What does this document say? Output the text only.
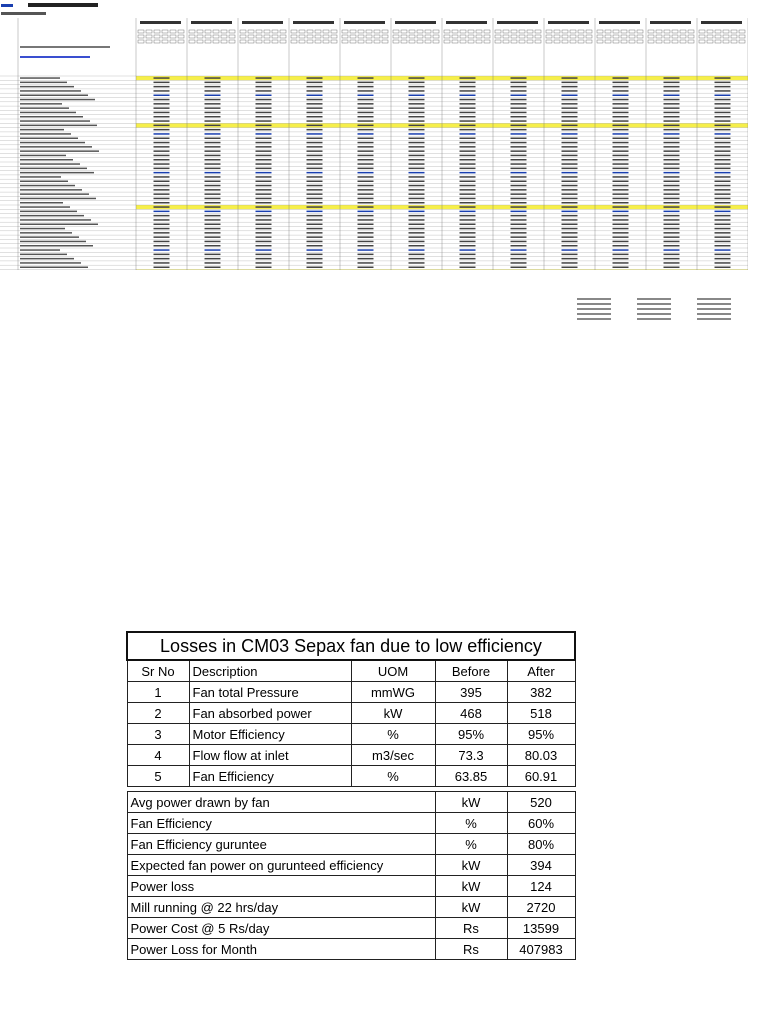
Losses in CM03 Sepax fan due to low efficiency				
Sr No	Description	UOM	Before	After
1	Fan total Pressure	mmWG	395	382
2	Fan absorbed power	kW	468	518
3	Motor Efficiency	%	95%	95%
4	Flow flow at inlet	m3/sec	73.3	80.03
5	Fan Efficiency	%	63.85	60.91

Avg power drawn by fan			kW	520
Fan Efficiency			%	60%
Fan Efficiency guruntee			%	80%
Expected fan power on gurunteed efficiency			kW	394
Power loss			kW	124
Mill running @ 22 hrs/day			kW	2720
Power Cost @ 5 Rs/day			Rs	13599
Power Loss for Month			Rs	407983
